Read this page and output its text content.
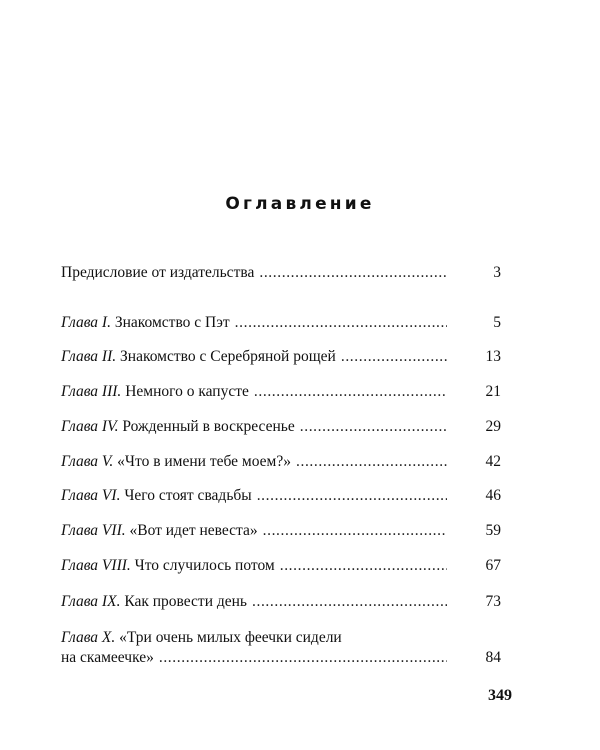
Оглавление
Предисловие от издательства .....	3
Глава I. Знакомство с Пэт .....	5
Глава II. Знакомство с Серебряной рощей .....	13
Глава III. Немного о капусте .....	21
Глава IV. Рожденный в воскресенье .....	29
Глава V. «Что в имени тебе моем?» .....	42
Глава VI. Чего стоят свадьбы .....	46
Глава VII. «Вот идет невеста» .....	59
Глава VIII. Что случилось потом .....	67
Глава IX. Как провести день .....	73
Глава X. «Три очень милых феечки сидели
на скамеечке» .....	84
349
